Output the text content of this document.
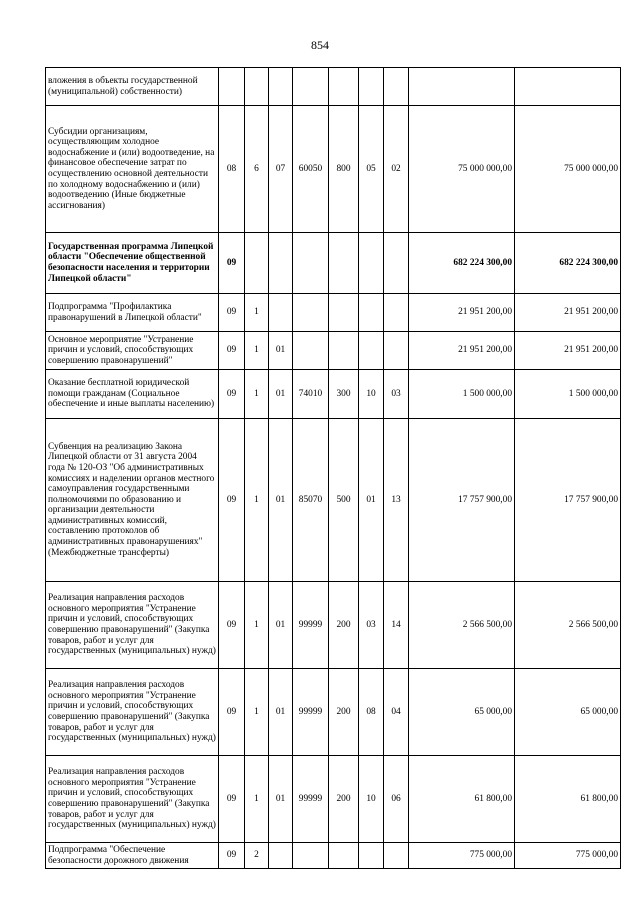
854
вложения в объекты государственной (муниципальной) собственности)									
Субсидии организациям, осуществляющим холодное водоснабжение и (или) водоотведение, на финансовое обеспечение затрат по осуществлению основной деятельности по холодному водоснабжению и (или) водоотведению (Иные бюджетные ассигнования)	08	6	07	60050	800	05	02	75 000 000,00	75 000 000,00
Государственная программа Липецкой области "Обеспечение общественной безопасности населения и территории Липецкой области"	09							682 224 300,00	682 224 300,00
Подпрограмма "Профилактика правонарушений в Липецкой области"	09	1						21 951 200,00	21 951 200,00
Основное мероприятие "Устранение причин и условий, способствующих совершению правонарушений"	09	1	01					21 951 200,00	21 951 200,00
Оказание бесплатной юридической помощи гражданам (Социальное обеспечение и иные выплаты населению)	09	1	01	74010	300	10	03	1 500 000,00	1 500 000,00
Субвенция на реализацию Закона Липецкой области от 31 августа 2004 года № 120-ОЗ "Об административных комиссиях и наделении органов местного самоуправления государственными полномочиями по образованию и организации деятельности административных комиссий, составлению протоколов об административных правонарушениях" (Межбюджетные трансферты)	09	1	01	85070	500	01	13	17 757 900,00	17 757 900,00
Реализация направления расходов основного мероприятия "Устранение причин и условий, способствующих совершению правонарушений" (Закупка товаров, работ и услуг для государственных (муниципальных) нужд)	09	1	01	99999	200	03	14	2 566 500,00	2 566 500,00
Реализация направления расходов основного мероприятия "Устранение причин и условий, способствующих совершению правонарушений" (Закупка товаров, работ и услуг для государственных (муниципальных) нужд)	09	1	01	99999	200	08	04	65 000,00	65 000,00
Реализация направления расходов основного мероприятия "Устранение причин и условий, способствующих совершению правонарушений" (Закупка товаров, работ и услуг для государственных (муниципальных) нужд)	09	1	01	99999	200	10	06	61 800,00	61 800,00
Подпрограмма "Обеспечение безопасности дорожного движения	09	2						775 000,00	775 000,00
